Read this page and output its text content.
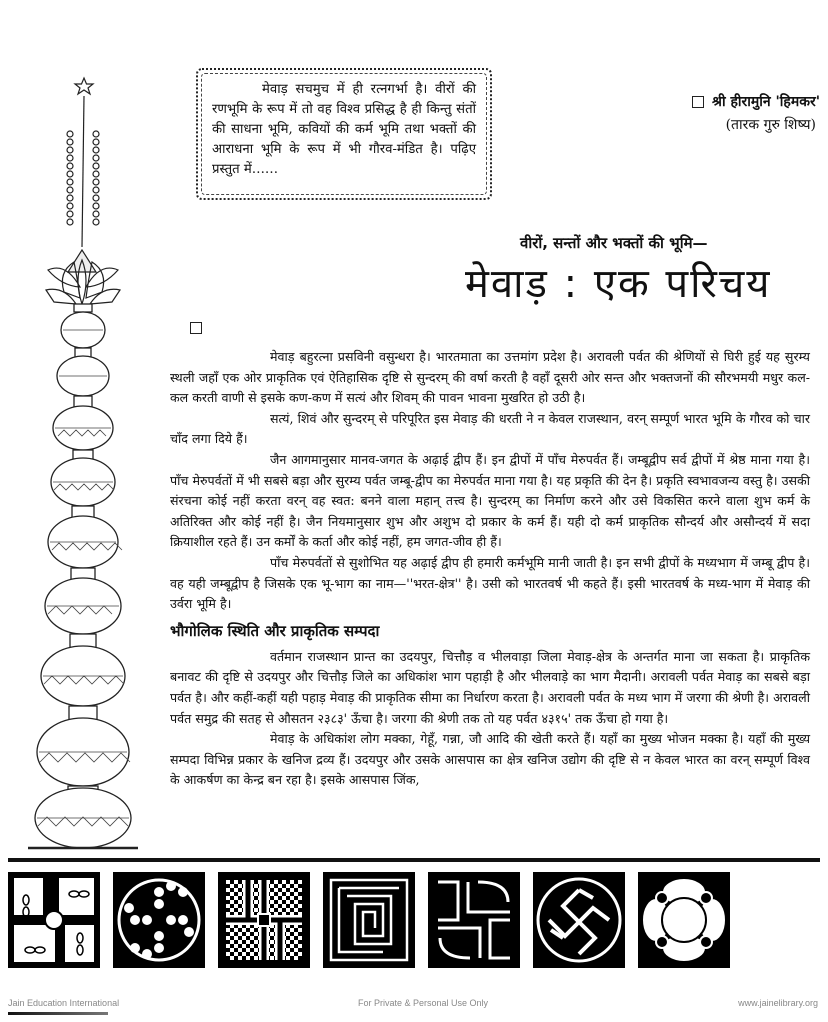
मेवाड़ सचमुच में ही रत्नगर्भा है। वीरों की रणभूमि के रूप में तो वह विश्व प्रसिद्ध है ही किन्तु संतों की साधना भूमि, कवियों की कर्म भूमि तथा भक्तों की आराधना भूमि के रूप में भी गौरव-मंडित है। पढ़िए प्रस्तुत में……

श्री हीरामुनि 'हिमकर'
(तारक गुरु शिष्य)
वीरों, सन्तों और भक्तों की भूमि—
मेवाड़ : एक परिचय

मेवाड़ बहुरत्ना प्रसविनी वसुन्धरा है। भारतमाता का उत्तमांग प्रदेश है। अरावली पर्वत की श्रेणियों से घिरी हुई यह सुरम्य स्थली जहाँ एक ओर प्राकृतिक एवं ऐतिहासिक दृष्टि से सुन्दरम् की वर्षा करती है वहाँ दूसरी ओर सन्त और भक्तजनों की सौरभमयी मधुर कल-कल करती वाणी से इसके कण-कण में सत्यं और शिवम् की पावन भावना मुखरित हो उठी है।

सत्यं, शिवं और सुन्दरम् से परिपूरित इस मेवाड़ की धरती ने न केवल राजस्थान, वरन् सम्पूर्ण भारत भूमि के गौरव को चार चाँद लगा दिये हैं।

जैन आगमानुसार मानव-जगत के अढ़ाई द्वीप हैं। इन द्वीपों में पाँच मेरुपर्वत हैं। जम्बूद्वीप सर्व द्वीपों में श्रेष्ठ माना गया है। पाँच मेरुपर्वतों में भी सबसे बड़ा और सुरम्य पर्वत जम्बू-द्वीप का मेरुपर्वत माना गया है। यह प्रकृति की देन है। प्रकृति स्वभावजन्य वस्तु है। उसकी संरचना कोई नहीं करता वरन् वह स्वत: बनने वाला महान् तत्त्व है। सुन्दरम् का निर्माण करने और उसे विकसित करने वाला शुभ कर्म के अतिरिक्त और कोई नहीं है। जैन नियमानुसार शुभ और अशुभ दो प्रकार के कर्म हैं। यही दो कर्म प्राकृतिक सौन्दर्य और असौन्दर्य में सदा क्रियाशील रहते हैं। उन कर्मों के कर्ता और कोई नहीं, हम जगत-जीव ही हैं।

पाँच मेरुपर्वतों से सुशोभित यह अढ़ाई द्वीप ही हमारी कर्मभूमि मानी जाती है। इन सभी द्वीपों के मध्यभाग में जम्बू द्वीप है। वह यही जम्बूद्वीप है जिसके एक भू-भाग का नाम—''भरत-क्षेत्र'' है। उसी को भारतवर्ष भी कहते हैं। इसी भारतवर्ष के मध्य-भाग में मेवाड़ की उर्वरा भूमि है।

भौगोलिक स्थिति और प्राकृतिक सम्पदा

वर्तमान राजस्थान प्रान्त का उदयपुर, चित्तौड़ व भीलवाड़ा जिला मेवाड़-क्षेत्र के अन्तर्गत माना जा सकता है। प्राकृतिक बनावट की दृष्टि से उदयपुर और चित्तौड़ जिले का अधिकांश भाग पहाड़ी है और भीलवाड़े का भाग मैदानी। अरावली पर्वत मेवाड़ का सबसे बड़ा पर्वत है। और कहीं-कहीं यही पहाड़ मेवाड़ की प्राकृतिक सीमा का निर्धारण करता है। अरावली पर्वत के मध्य भाग में जरगा की श्रेणी है। अरावली पर्वत समुद्र की सतह से औसतन २३८३' ऊँचा है। जरगा की श्रेणी तक तो यह पर्वत ४३१५' तक ऊँचा हो गया है।

मेवाड़ के अधिकांश लोग मक्का, गेहूँ, गन्ना, जौ आदि की खेती करते हैं। यहाँ का मुख्य भोजन मक्का है। यहाँ की मुख्य सम्पदा विभिन्न प्रकार के खनिज द्रव्य हैं। उदयपुर और उसके आसपास का क्षेत्र खनिज उद्योग की दृष्टि से न केवल भारत का वरन् सम्पूर्ण विश्व के आकर्षण का केन्द्र बन रहा है। इसके आसपास जिंक,

Jain Education International	For Private & Personal Use Only	www.jainelibrary.org
